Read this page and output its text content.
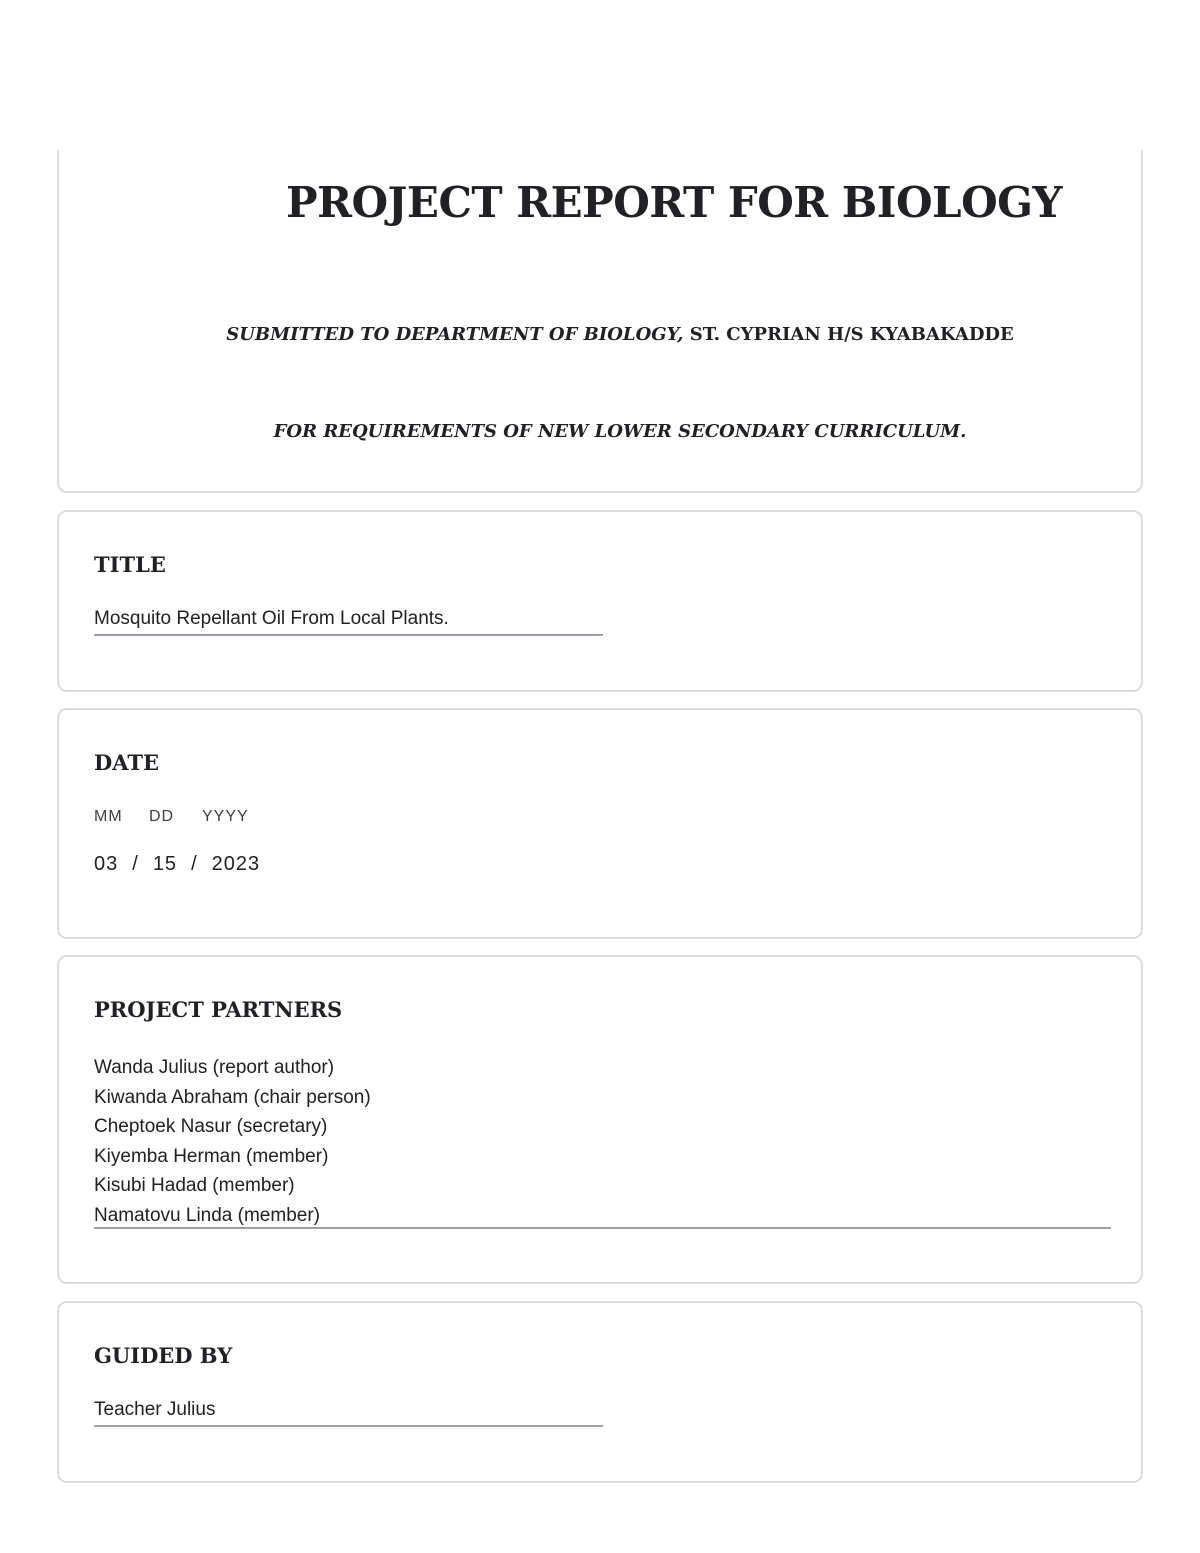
PROJECT REPORT FOR BIOLOGY
SUBMITTED TO DEPARTMENT OF BIOLOGY, ST. CYPRIAN H/S KYABAKADDE
FOR REQUIREMENTS OF NEW LOWER SECONDARY CURRICULUM.
TITLE
Mosquito Repellant Oil From Local Plants.
DATE
MM DD YYYY
03 / 15 / 2023
PROJECT PARTNERS
Wanda Julius (report author)
Kiwanda Abraham (chair person)
Cheptoek Nasur (secretary)
Kiyemba Herman (member)
Kisubi Hadad (member)
Namatovu Linda (member)
GUIDED BY
Teacher Julius
